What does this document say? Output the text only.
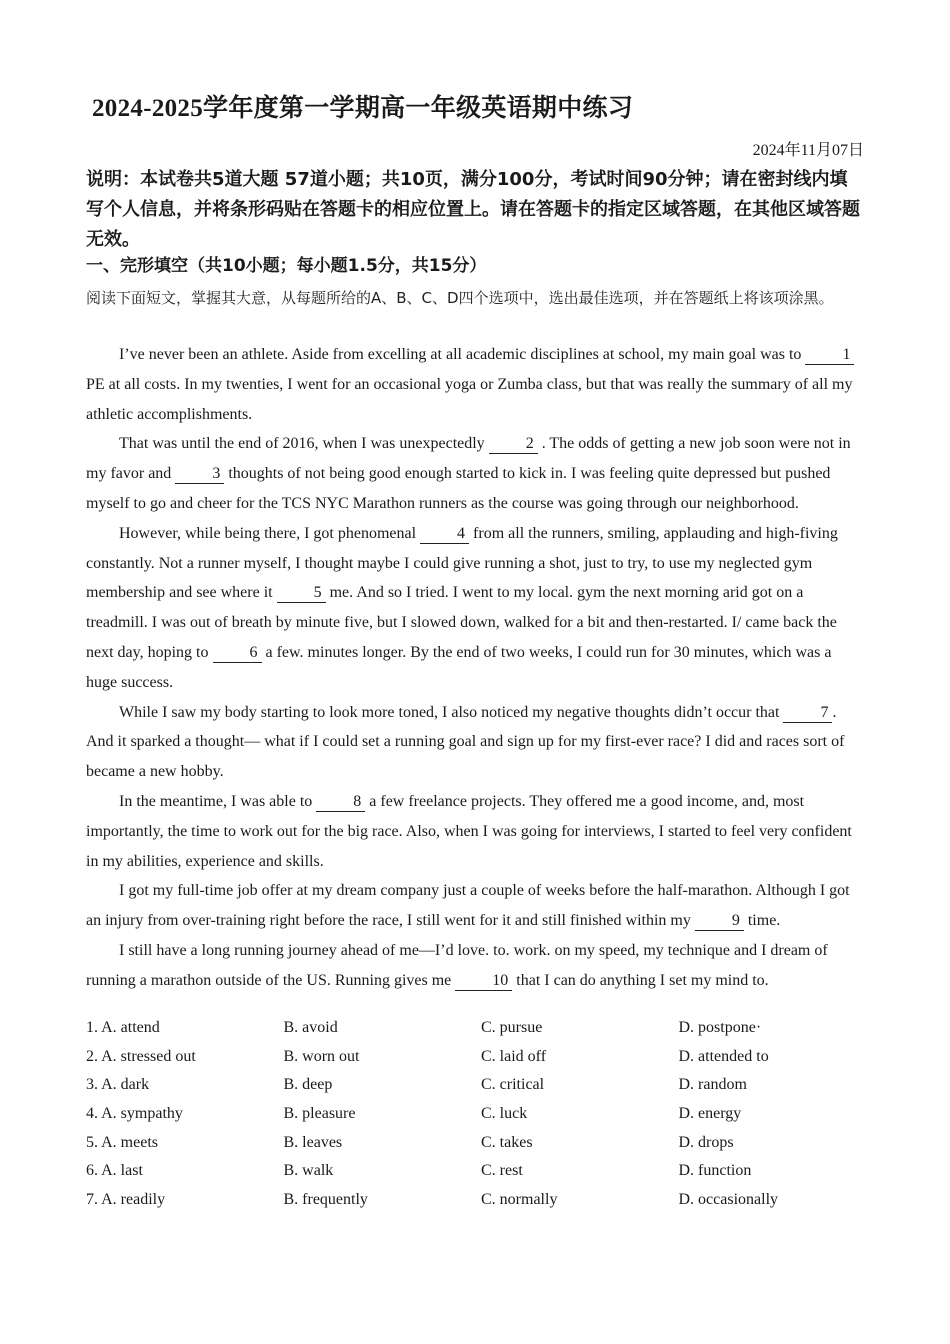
2024-2025学年度第一学期高一年级英语期中练习
2024年11月07日
说明：本试卷共5道大题 57道小题；共10页，满分100分，考试时间90分钟；请在密封线内填写个人信息，并将条形码贴在答题卡的相应位置上。请在答题卡的指定区域答题，在其他区域答题无效。
一、完形填空（共10小题；每小题1.5分，共15分）
阅读下面短文，掌握其大意，从每题所给的A、B、C、D四个选项中，选出最佳选项，并在答题纸上将该项涂黑。

I’ve never been an athlete. Aside from excelling at all academic disciplines at school, my main goal was to 1 PE at all costs. In my twenties, I went for an occasional yoga or Zumba class, but that was really the summary of all my athletic accomplishments.

That was until the end of 2016, when I was unexpectedly 2 . The odds of getting a new job soon were not in my favor and 3 thoughts of not being good enough started to kick in. I was feeling quite depressed but pushed myself to go and cheer for the TCS NYC Marathon runners as the course was going through our neighborhood.

However, while being there, I got phenomenal 4 from all the runners, smiling, applauding and high-fiving constantly. Not a runner myself, I thought maybe I could give running a shot, just to try, to use my neglected gym membership and see where it 5 me. And so I tried. I went to my local. gym the next morning arid got on a treadmill. I was out of breath by minute five, but I slowed down, walked for a bit and then-restarted. I/ came back the next day, hoping to 6 a few. minutes longer. By the end of two weeks, I could run for 30 minutes, which was a huge success.

While I saw my body starting to look more toned, I also noticed my negative thoughts didn’t occur that 7 . And it sparked a thought— what if I could set a running goal and sign up for my first-ever race? I did and races sort of became a new hobby.

In the meantime, I was able to 8 a few freelance projects. They offered me a good income, and, most importantly, the time to work out for the big race. Also, when I was going for interviews, I started to feel very confident in my abilities, experience and skills.

I got my full-time job offer at my dream company just a couple of weeks before the half-marathon. Although I got an injury from over-training right before the race, I still went for it and still finished within my 9 time.

I still have a long running journey ahead of me—I’d love. to. work. on my speed, my technique and I dream of running a marathon outside of the US. Running gives me 10 that I can do anything I set my mind to.

1. A. attend	B. avoid	C. pursue	D. postpone·
2. A. stressed out	B. worn out	C. laid off	D. attended to
3. A. dark	B. deep	C. critical	D. random
4. A. sympathy	B. pleasure	C. luck	D. energy
5. A. meets	B. leaves	C. takes	D. drops
6. A. last	B. walk	C. rest	D. function
7. A. readily	B. frequently	C. normally	D. occasionally
